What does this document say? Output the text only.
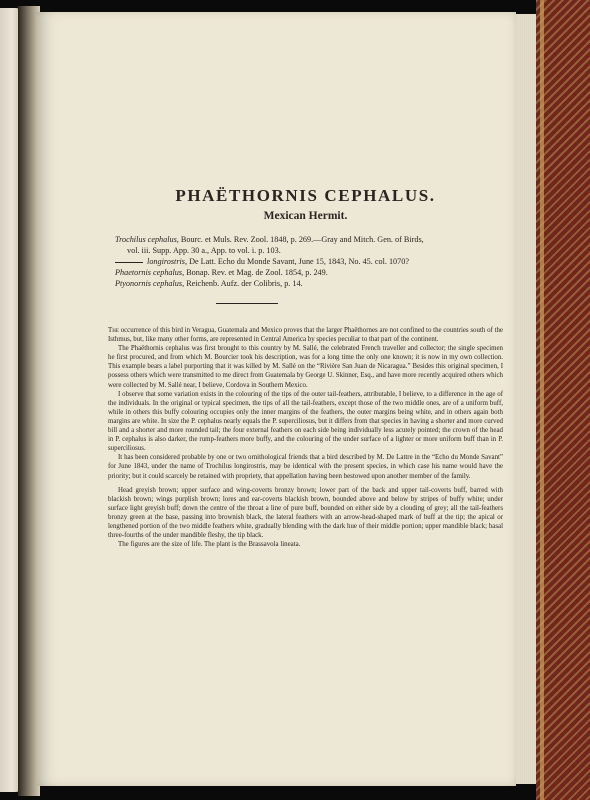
PHAËTHORNIS CEPHALUS.
Mexican Hermit.

Trochilus cephalus, Bourc. et Muls. Rev. Zool. 1848, p. 269.—Gray and Mitch. Gen. of Birds,

vol. iii. Supp. App. 30 a., App. to vol. i. p. 103.

longirostris, De Latt. Echo du Monde Savant, June 15, 1843, No. 45. col. 1070?

Phaetornis cephalus, Bonap. Rev. et Mag. de Zool. 1854, p. 249.

Ptyonornis cephalus, Reichenb. Aufz. der Colibris, p. 14.

The occurrence of this bird in Veragua, Guatemala and Mexico proves that the larger Phaëthornes are not confined to the countries south of the Isthmus, but, like many other forms, are represented in Central America by species peculiar to that part of the continent.

The Phaëthornis cephalus was first brought to this country by M. Sallé, the celebrated French traveller and collector; the single specimen he first procured, and from which M. Bourcier took his description, was for a long time the only one known; it is now in my own collection. This example bears a label purporting that it was killed by M. Sallé on the “Rivière San Juan de Nicaragua.” Besides this original specimen, I possess others which were transmitted to me direct from Guatemala by George U. Skinner, Esq., and have more recently acquired others which were collected by M. Sallé near, I believe, Cordova in Southern Mexico.

I observe that some variation exists in the colouring of the tips of the outer tail-feathers, attributable, I believe, to a difference in the age of the individuals. In the original or typical specimen, the tips of all the tail-feathers, except those of the two middle ones, are of a uniform buff, while in others this buffy colouring occupies only the inner margins of the feathers, the outer margins being white, and in others again both margins are white. In size the P. cephalus nearly equals the P. superciliosus, but it differs from that species in having a shorter and more curved bill and a shorter and more rounded tail; the four external feathers on each side being individually less acutely pointed; the crown of the head in P. cephalus is also darker, the rump-feathers more buffy, and the colouring of the under surface of a lighter or more uniform buff than in P. superciliosus.

It has been considered probable by one or two ornithological friends that a bird described by M. De Lattre in the “Echo du Monde Savant” for June 1843, under the name of Trochilus longirostris, may be identical with the present species, in which case his name would have the priority; but it could scarcely be retained with propriety, that appellation having been bestowed upon another member of the family.

Head greyish brown; upper surface and wing-coverts bronzy brown; lower part of the back and upper tail-coverts buff, barred with blackish brown; wings purplish brown; lores and ear-coverts blackish brown, bounded above and below by stripes of buffy white; under surface light greyish buff; down the centre of the throat a line of pure buff, bounded on either side by a clouding of grey; all the tail-feathers bronzy green at the base, passing into brownish black, the lateral feathers with an arrow-head-shaped mark of buff at the tip; the apical or lengthened portion of the two middle feathers white, gradually blending with the dark hue of their middle portion; upper mandible black; basal three-fourths of the under mandible fleshy, the tip black.

The figures are the size of life. The plant is the Brassavola lineata.
